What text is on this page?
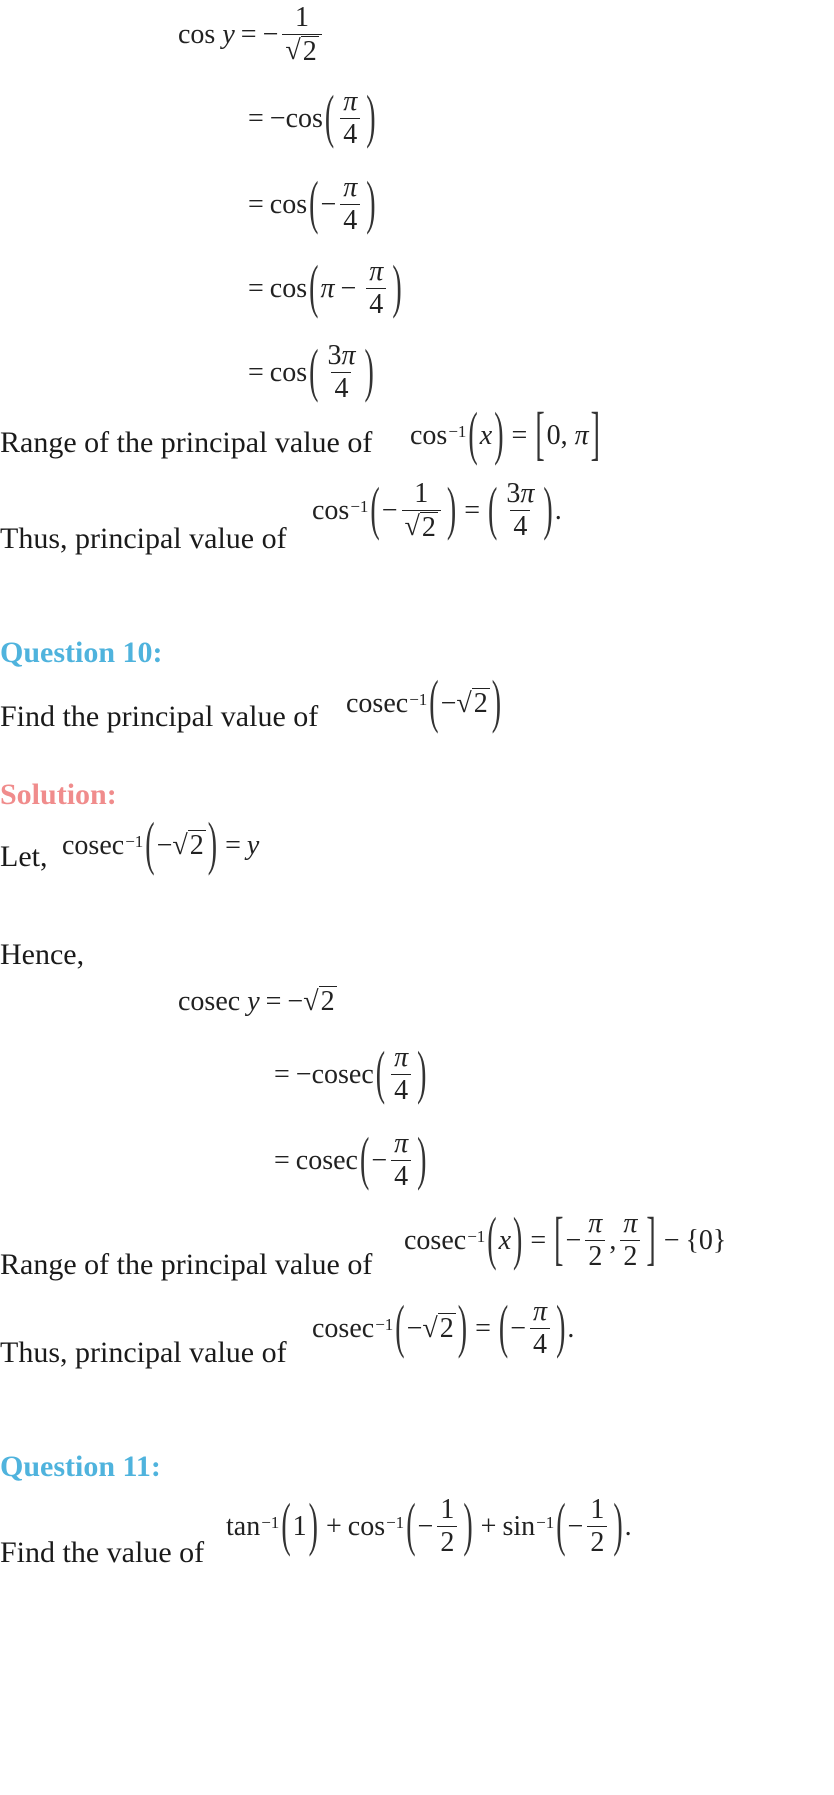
cos y = − $\frac{1}{√ 2}$
= −cos ( $\frac{\pi}{4}$ )
= cos ( − $\frac{\pi}{4}$ )
= cos ( $\pi - \frac{\pi}{4}$ )
= cos ( $\frac{3\pi}{4}$ )
Range of the principal value of cos −1 ( x ) = [ 0, π ]
Thus, principal value of
cos −1 ( − $\frac{1}{√ 2}$ ) = ( $\frac{3\pi}{4}$ ) .
Question 10:
Find the principal value of cosec −1 ( − √ 2 )
Solution:
Let, cosec −1 ( − √ 2 ) = y
Hence,
cosec y = − √ 2
= −cosec ( $\frac{\pi}{4}$ )
= cosec ( − $\frac{\pi}{4}$ )
Range of the principal value of
cosec −1 ( x ) = [ − $\frac{\pi}{2}$ , $\frac{\pi}{2}$ ] − {0}
Thus, principal value of
cosec −1 ( − √ 2 ) = ( − $\frac{\pi}{4}$ ) .
Question 11:
Find the value of
tan −1 ( 1 ) + cos −1 ( − $\frac{1}{2}$ ) + sin −1 ( − $\frac{1}{2}$ ) .
